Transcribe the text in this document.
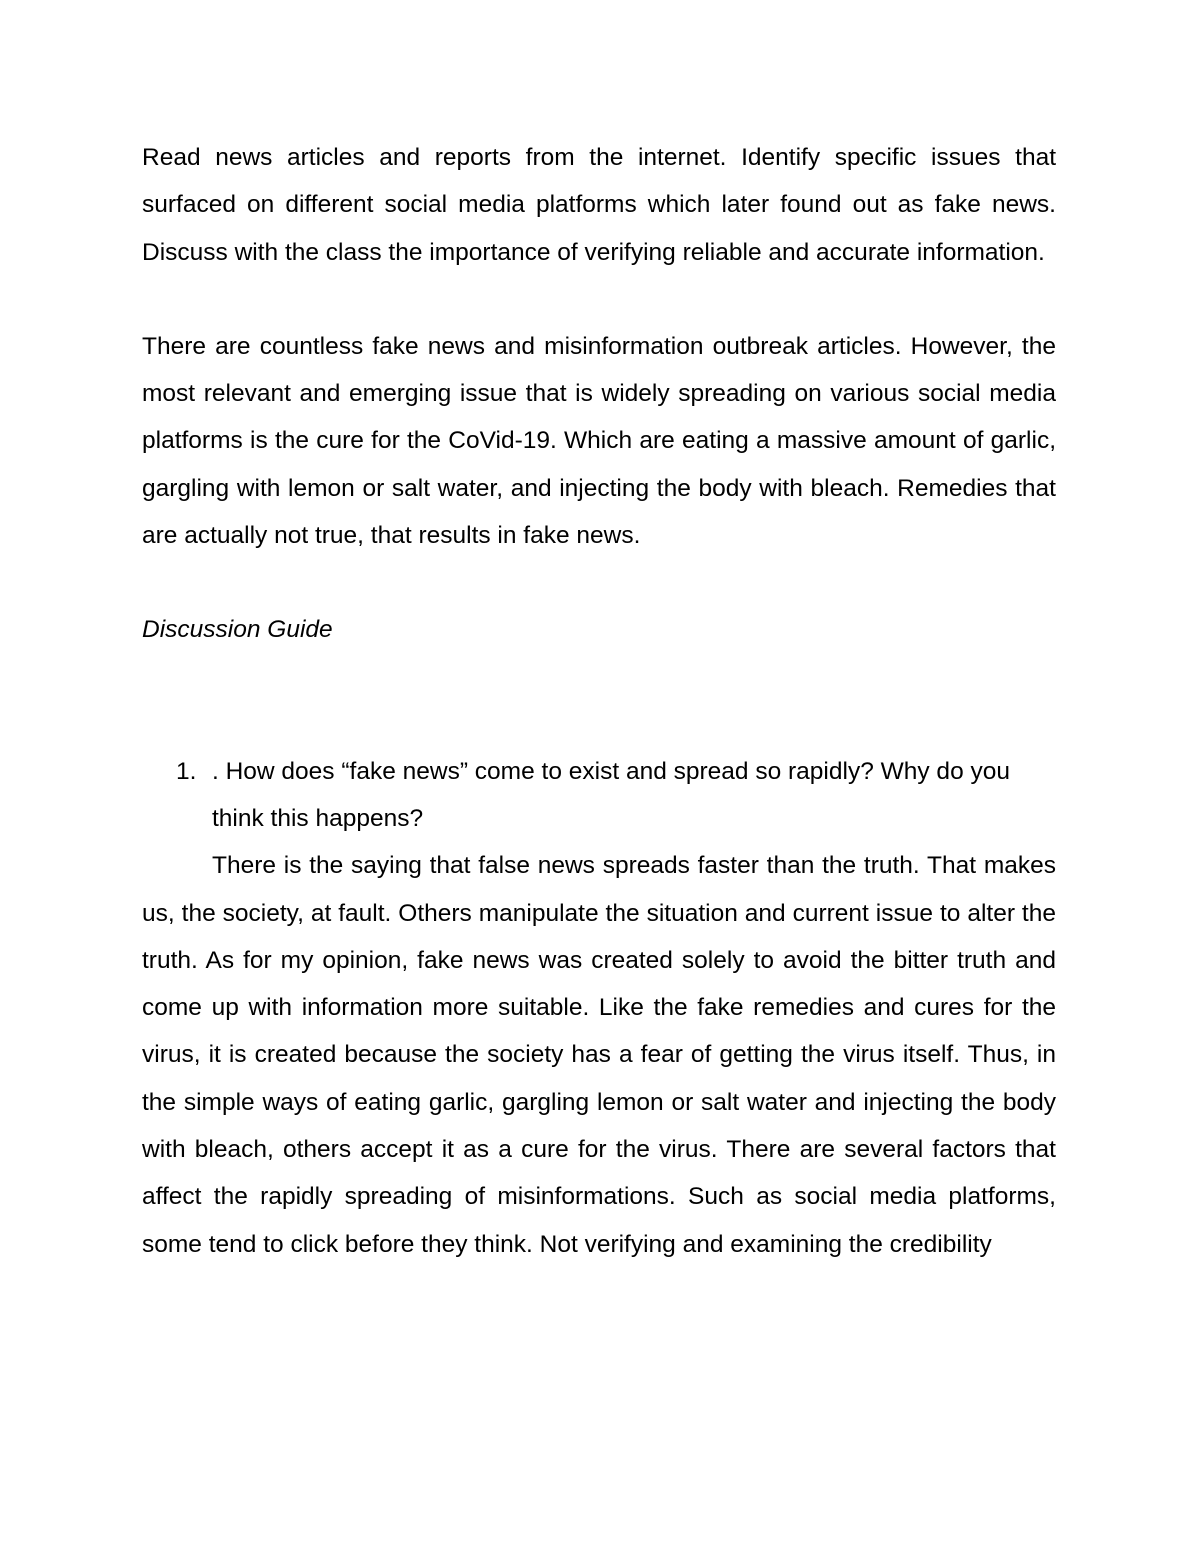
Read news articles and reports from the internet. Identify specific issues that surfaced on different social media platforms which later found out as fake news. Discuss with the class the importance of verifying reliable and accurate information.

There are countless fake news and misinformation outbreak articles. However, the most relevant and emerging issue that is widely spreading on various social media platforms is the cure for the CoVid-19. Which are eating a massive amount of garlic, gargling with lemon or salt water, and injecting the body with bleach. Remedies that are actually not true, that results in fake news.

Discussion Guide

1. . How does “fake news” come to exist and spread so rapidly? Why do you think this happens?

There is the saying that false news spreads faster than the truth. That makes us, the society, at fault. Others manipulate the situation and current issue to alter the truth. As for my opinion, fake news was created solely to avoid the bitter truth and come up with information more suitable. Like the fake remedies and cures for the virus, it is created because the society has a fear of getting the virus itself. Thus, in the simple ways of eating garlic, gargling lemon or salt water and injecting the body with bleach, others accept it as a cure for the virus. There are several factors that affect the rapidly spreading of misinformations. Such as social media platforms, some tend to click before they think. Not verifying and examining the credibility
